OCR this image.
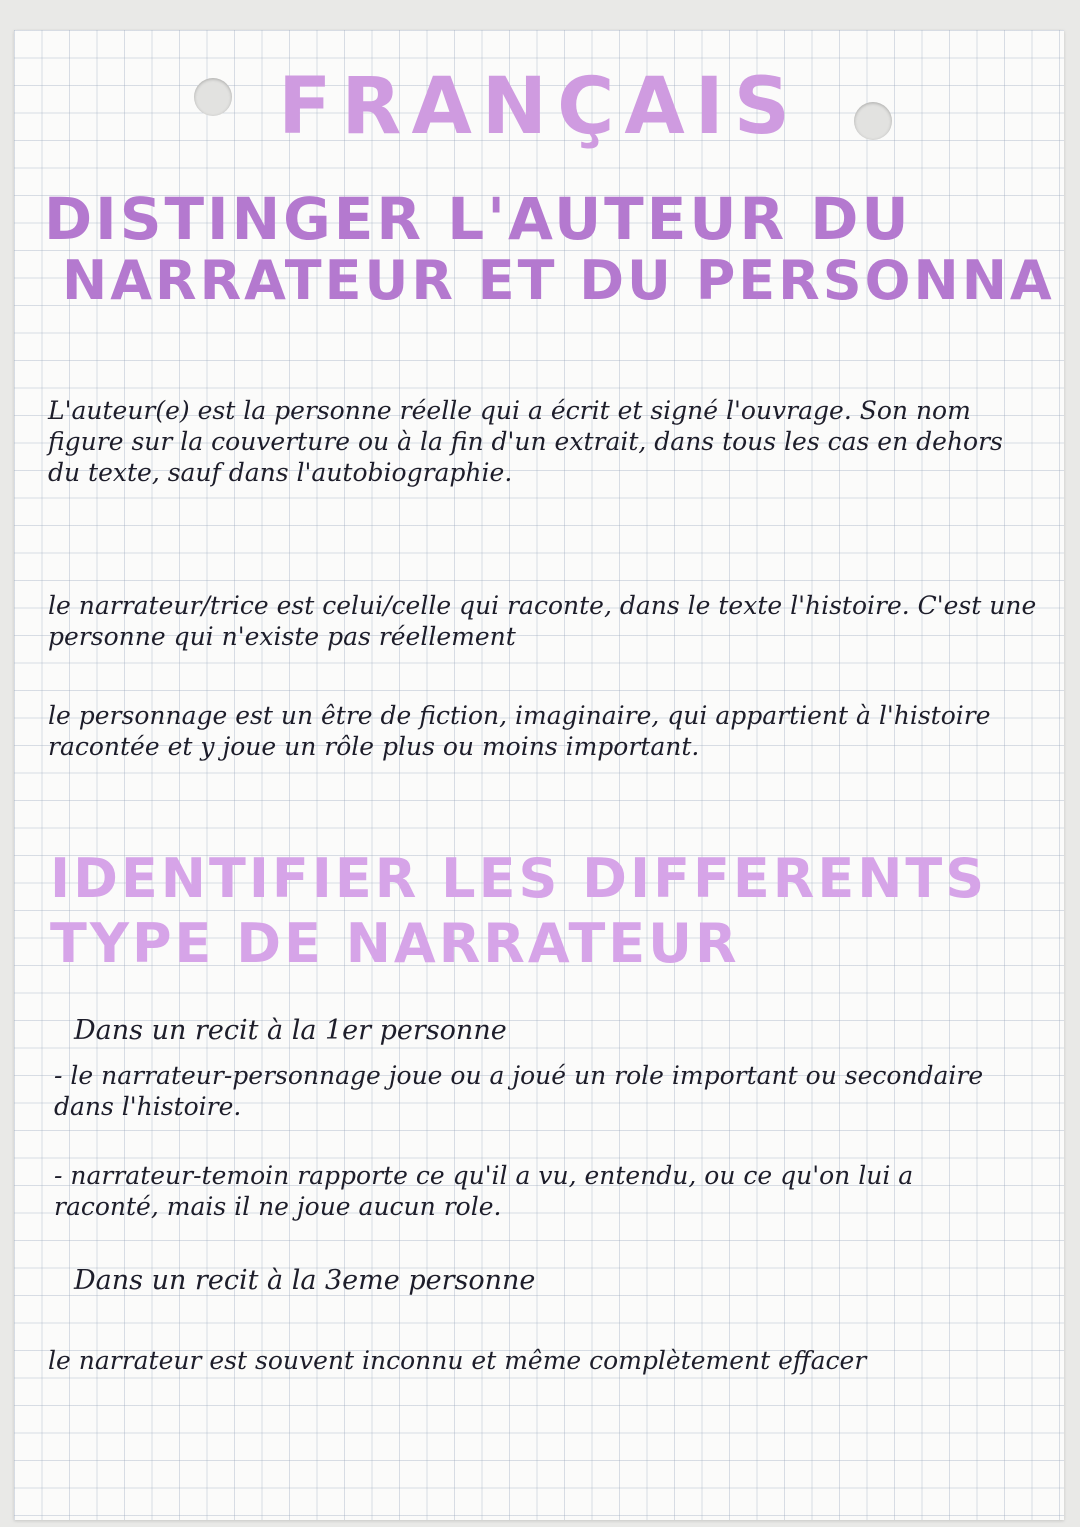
FRANÇAIS
DISTINGER L'AUTEUR DU
NARRATEUR ET DU PERSONNA
L'auteur(e) est la personne réelle qui a écrit et signé l'ouvrage. Son nom figure sur la couverture ou à la fin d'un extrait, dans tous les cas en dehors du texte, sauf dans l'autobiographie.
le narrateur/trice est celui/celle qui raconte, dans le texte l'histoire. C'est une personne qui n'existe pas réellement
le personnage est un être de fiction, imaginaire, qui appartient à l'histoire racontée et y joue un rôle plus ou moins important.
IDENTIFIER LES DIFFERENTS
TYPE DE NARRATEUR
Dans un recit à la 1er personne
- le narrateur-personnage joue ou a joué un role important ou secondaire dans l'histoire.
- narrateur-temoin rapporte ce qu'il a vu, entendu, ou ce qu'on lui a raconté, mais il ne joue aucun role.
Dans un recit à la 3eme personne
le narrateur est souvent inconnu et même complètement effacer
